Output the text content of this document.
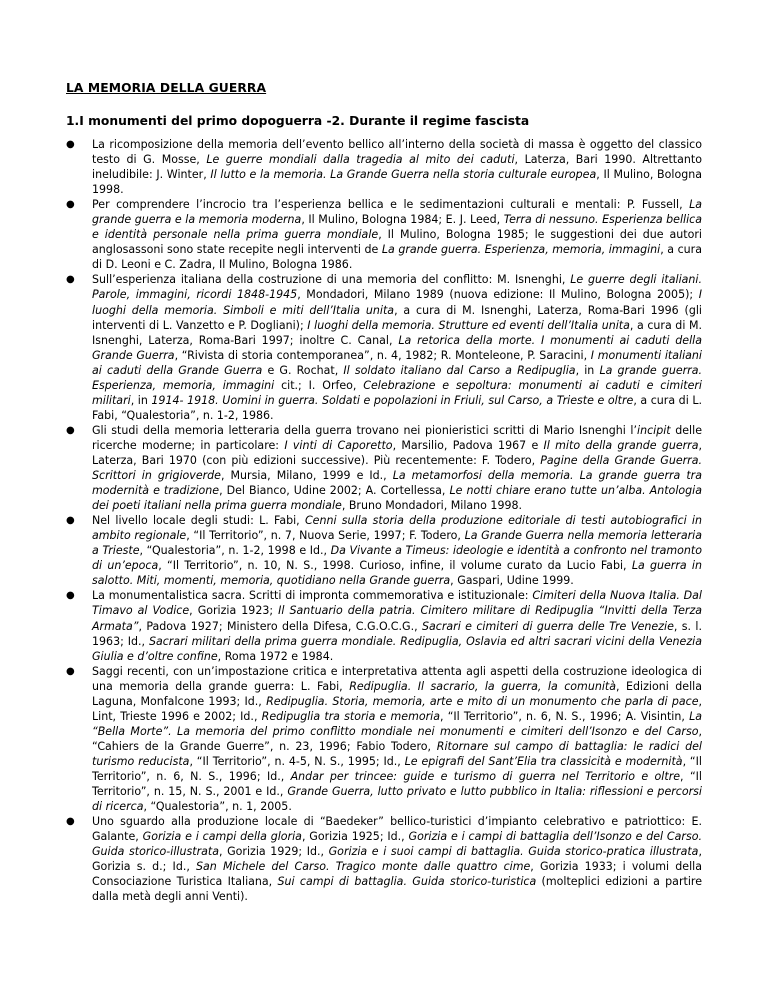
LA MEMORIA DELLA GUERRA
1.I monumenti del primo dopoguerra -2. Durante il regime fascista
● La ricomposizione della memoria dell’evento bellico all’interno della società di massa è oggetto del classico testo di G. Mosse, Le guerre mondiali dalla tragedia al mito dei caduti, Laterza, Bari 1990. Altrettanto ineludibile: J. Winter, Il lutto e la memoria. La Grande Guerra nella storia culturale europea, Il Mulino, Bologna 1998.
● Per comprendere l’incrocio tra l’esperienza bellica e le sedimentazioni culturali e mentali: P. Fussell, La grande guerra e la memoria moderna, Il Mulino, Bologna 1984; E. J. Leed, Terra di nessuno. Esperienza bellica e identità personale nella prima guerra mondiale, Il Mulino, Bologna 1985; le suggestioni dei due autori anglosassoni sono state recepite negli interventi de La grande guerra. Esperienza, memoria, immagini, a cura di D. Leoni e C. Zadra, Il Mulino, Bologna 1986.
● Sull’esperienza italiana della costruzione di una memoria del conflitto: M. Isnenghi, Le guerre degli italiani. Parole, immagini, ricordi 1848-1945, Mondadori, Milano 1989 (nuova edizione: Il Mulino, Bologna 2005); I luoghi della memoria. Simboli e miti dell’Italia unita, a cura di M. Isnenghi, Laterza, Roma-Bari 1996 (gli interventi di L. Vanzetto e P. Dogliani); I luoghi della memoria. Strutture ed eventi dell’Italia unita, a cura di M. Isnenghi, Laterza, Roma-Bari 1997; inoltre C. Canal, La retorica della morte. I monumenti ai caduti della Grande Guerra, “Rivista di storia contemporanea”, n. 4, 1982; R. Monteleone, P. Saracini, I monumenti italiani ai caduti della Grande Guerra e G. Rochat, Il soldato italiano dal Carso a Redipuglia, in La grande guerra. Esperienza, memoria, immagini cit.; I. Orfeo, Celebrazione e sepoltura: monumenti ai caduti e cimiteri militari, in 1914- 1918. Uomini in guerra. Soldati e popolazioni in Friuli, sul Carso, a Trieste e oltre, a cura di L. Fabi, “Qualestoria”, n. 1-2, 1986.
● Gli studi della memoria letteraria della guerra trovano nei pionieristici scritti di Mario Isnenghi l’incipit delle ricerche moderne; in particolare: I vinti di Caporetto, Marsilio, Padova 1967 e Il mito della grande guerra, Laterza, Bari 1970 (con più edizioni successive). Più recentemente: F. Todero, Pagine della Grande Guerra. Scrittori in grigioverde, Mursia, Milano, 1999 e Id., La metamorfosi della memoria. La grande guerra tra modernità e tradizione, Del Bianco, Udine 2002; A. Cortellessa, Le notti chiare erano tutte un’alba. Antologia dei poeti italiani nella prima guerra mondiale, Bruno Mondadori, Milano 1998.
● Nel livello locale degli studi: L. Fabi, Cenni sulla storia della produzione editoriale di testi autobiografici in ambito regionale, “Il Territorio”, n. 7, Nuova Serie, 1997; F. Todero, La Grande Guerra nella memoria letteraria a Trieste, “Qualestoria”, n. 1-2, 1998 e Id., Da Vivante a Timeus: ideologie e identità a confronto nel tramonto di un’epoca, “Il Territorio”, n. 10, N. S., 1998. Curioso, infine, il volume curato da Lucio Fabi, La guerra in salotto. Miti, momenti, memoria, quotidiano nella Grande guerra, Gaspari, Udine 1999.
● La monumentalistica sacra. Scritti di impronta commemorativa e istituzionale: Cimiteri della Nuova Italia. Dal Timavo al Vodice, Gorizia 1923; Il Santuario della patria. Cimitero militare di Redipuglia “Invitti della Terza Armata”, Padova 1927; Ministero della Difesa, C.G.O.C.G., Sacrari e cimiteri di guerra delle Tre Venezie, s. l. 1963; Id., Sacrari militari della prima guerra mondiale. Redipuglia, Oslavia ed altri sacrari vicini della Venezia Giulia e d’oltre confine, Roma 1972 e 1984.
● Saggi recenti, con un’impostazione critica e interpretativa attenta agli aspetti della costruzione ideologica di una memoria della grande guerra: L. Fabi, Redipuglia. Il sacrario, la guerra, la comunità, Edizioni della Laguna, Monfalcone 1993; Id., Redipuglia. Storia, memoria, arte e mito di un monumento che parla di pace, Lint, Trieste 1996 e 2002; Id., Redipuglia tra storia e memoria, “Il Territorio”, n. 6, N. S., 1996; A. Visintin, La “Bella Morte”. La memoria del primo conflitto mondiale nei monumenti e cimiteri dell’Isonzo e del Carso, “Cahiers de la Grande Guerre”, n. 23, 1996; Fabio Todero, Ritornare sul campo di battaglia: le radici del turismo reducista, “Il Territorio”, n. 4-5, N. S., 1995; Id., Le epigrafi del Sant’Elia tra classicità e modernità, “Il Territorio”, n. 6, N. S., 1996; Id., Andar per trincee: guide e turismo di guerra nel Territorio e oltre, “Il Territorio”, n. 15, N. S., 2001 e Id., Grande Guerra, lutto privato e lutto pubblico in Italia: riflessioni e percorsi di ricerca, “Qualestoria”, n. 1, 2005.
● Uno sguardo alla produzione locale di “Baedeker” bellico-turistici d’impianto celebrativo e patriottico: E. Galante, Gorizia e i campi della gloria, Gorizia 1925; Id., Gorizia e i campi di battaglia dell’Isonzo e del Carso. Guida storico-illustrata, Gorizia 1929; Id., Gorizia e i suoi campi di battaglia. Guida storico-pratica illustrata, Gorizia s. d.; Id., San Michele del Carso. Tragico monte dalle quattro cime, Gorizia 1933; i volumi della Consociazione Turistica Italiana, Sui campi di battaglia. Guida storico-turistica (molteplici edizioni a partire dalla metà degli anni Venti).
